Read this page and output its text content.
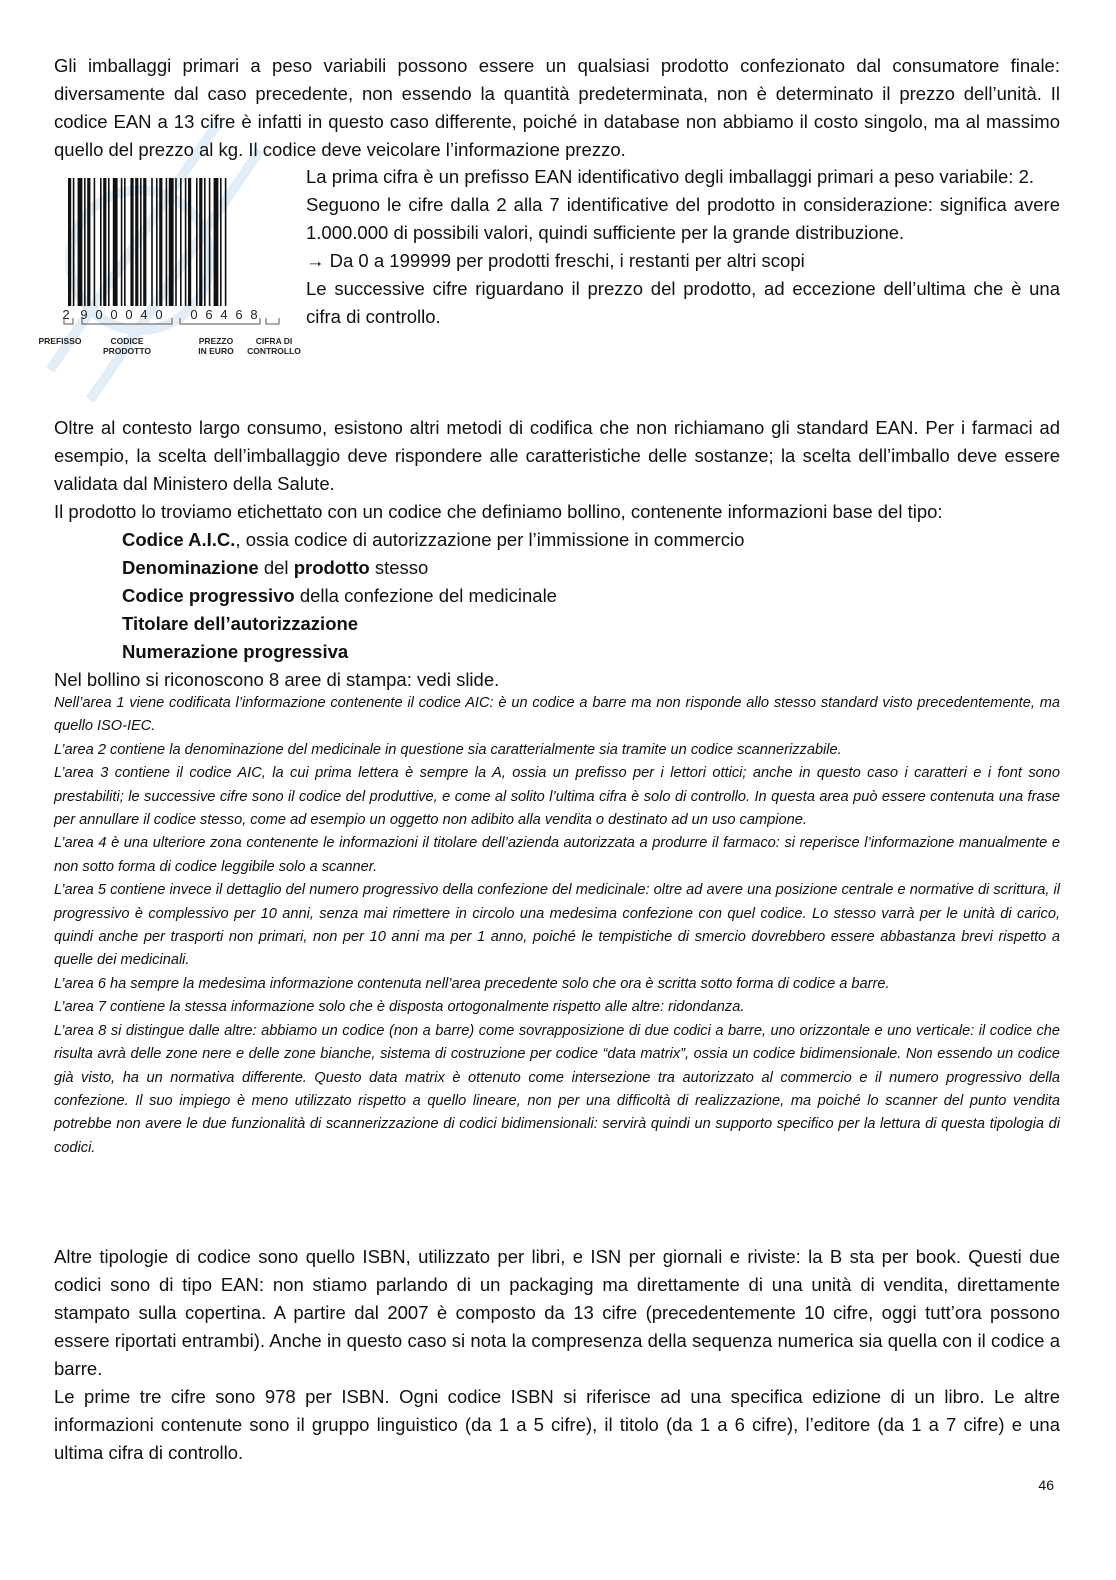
Gli imballaggi primari a peso variabili possono essere un qualsiasi prodotto confezionato dal consumatore finale: diversamente dal caso precedente, non essendo la quantità predeterminata, non è determinato il prezzo dell’unità. Il codice EAN a 13 cifre è infatti in questo caso differente, poiché in database non abbiamo il costo singolo, ma al massimo quello del prezzo al kg. Il codice deve veicolare l’informazione prezzo.

2 9 0 0 0 4 0 0 6 4 6 8
PREFISSO	CODICE
PRODOTTO
PREZZO
IN EURO
CIFRA DI
CONTROLLO

La prima cifra è un prefisso EAN identificativo degli imballaggi primari a peso variabile: 2.

Seguono le cifre dalla 2 alla 7 identificative del prodotto in considerazione: significa avere 1.000.000 di possibili valori, quindi sufficiente per la grande distribuzione.

→ Da 0 a 199999 per prodotti freschi, i restanti per altri scopi

Le successive cifre riguardano il prezzo del prodotto, ad eccezione dell’ultima che è una cifra di controllo.

Oltre al contesto largo consumo, esistono altri metodi di codifica che non richiamano gli standard EAN. Per i farmaci ad esempio, la scelta dell’imballaggio deve rispondere alle caratteristiche delle sostanze; la scelta dell’imballo deve essere validata dal Ministero della Salute.

Il prodotto lo troviamo etichettato con un codice che definiamo bollino, contenente informazioni base del tipo:

Codice A.I.C., ossia codice di autorizzazione per l’immissione in commercio
Denominazione del prodotto stesso
Codice progressivo della confezione del medicinale
Titolare dell’autorizzazione
Numerazione progressiva

Nel bollino si riconoscono 8 aree di stampa: vedi slide.

Nell’area 1 viene codificata l’informazione contenente il codice AIC: è un codice a barre ma non risponde allo stesso standard visto precedentemente, ma quello ISO-IEC.

L’area 2 contiene la denominazione del medicinale in questione sia caratterialmente sia tramite un codice scannerizzabile.

L’area 3 contiene il codice AIC, la cui prima lettera è sempre la A, ossia un prefisso per i lettori ottici; anche in questo caso i caratteri e i font sono prestabiliti; le successive cifre sono il codice del produttive, e come al solito l’ultima cifra è solo di controllo. In questa area può essere contenuta una frase per annullare il codice stesso, come ad esempio un oggetto non adibito alla vendita o destinato ad un uso campione.

L’area 4 è una ulteriore zona contenente le informazioni il titolare dell’azienda autorizzata a produrre il farmaco: si reperisce l’informazione manualmente e non sotto forma di codice leggibile solo a scanner.

L’area 5 contiene invece il dettaglio del numero progressivo della confezione del medicinale: oltre ad avere una posizione centrale e normative di scrittura, il progressivo è complessivo per 10 anni, senza mai rimettere in circolo una medesima confezione con quel codice. Lo stesso varrà per le unità di carico, quindi anche per trasporti non primari, non per 10 anni ma per 1 anno, poiché le tempistiche di smercio dovrebbero essere abbastanza brevi rispetto a quelle dei medicinali.

L’area 6 ha sempre la medesima informazione contenuta nell’area precedente solo che ora è scritta sotto forma di codice a barre.

L’area 7 contiene la stessa informazione solo che è disposta ortogonalmente rispetto alle altre: ridondanza.

L’area 8 si distingue dalle altre: abbiamo un codice (non a barre) come sovrapposizione di due codici a barre, uno orizzontale e uno verticale: il codice che risulta avrà delle zone nere e delle zone bianche, sistema di costruzione per codice “data matrix”, ossia un codice bidimensionale. Non essendo un codice già visto, ha un normativa differente. Questo data matrix è ottenuto come intersezione tra autorizzato al commercio e il numero progressivo della confezione. Il suo impiego è meno utilizzato rispetto a quello lineare, non per una difficoltà di realizzazione, ma poiché lo scanner del punto vendita potrebbe non avere le due funzionalità di scannerizzazione di codici bidimensionali: servirà quindi un supporto specifico per la lettura di questa tipologia di codici.

Altre tipologie di codice sono quello ISBN, utilizzato per libri, e ISN per giornali e riviste: la B sta per book. Questi due codici sono di tipo EAN: non stiamo parlando di un packaging ma direttamente di una unità di vendita, direttamente stampato sulla copertina. A partire dal 2007 è composto da 13 cifre (precedentemente 10 cifre, oggi tutt’ora possono essere riportati entrambi). Anche in questo caso si nota la compresenza della sequenza numerica sia quella con il codice a barre.

Le prime tre cifre sono 978 per ISBN. Ogni codice ISBN si riferisce ad una specifica edizione di un libro. Le altre informazioni contenute sono il gruppo linguistico (da 1 a 5 cifre), il titolo (da 1 a 6 cifre), l’editore (da 1 a 7 cifre) e una ultima cifra di controllo.

46
